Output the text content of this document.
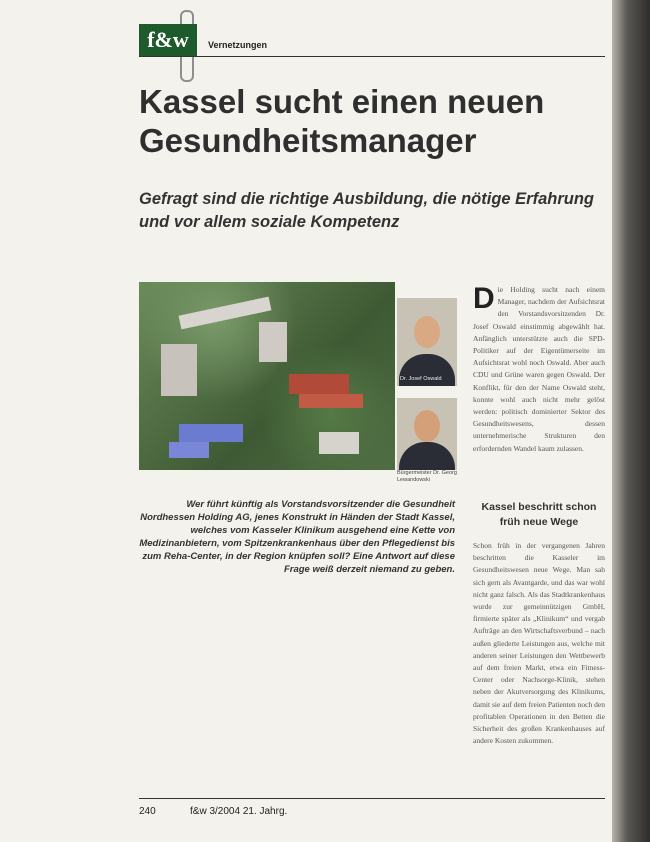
f&w	Vernetzungen
Kassel sucht einen neuen Gesundheitsmanager
Gefragt sind die richtige Ausbildung, die nötige Erfahrung und vor allem soziale Kompetenz
Dr. Josef Oswald
Bürgermeister Dr. Georg Lewandowski

Wer führt künftig als Vorstandsvorsitzender die Gesundheit Nordhessen Holding AG, jenes Konstrukt in Händen der Stadt Kassel, welches vom Kasseler Klinikum ausgehend eine Kette von Medizinanbietern, vom Spitzenkrankenhaus über den Pflegedienst bis zum Reha-Center, in der Region knüpfen soll? Eine Antwort auf diese Frage weiß derzeit niemand zu geben.

Die Holding sucht nach einem Manager, nachdem der Aufsichtsrat den Vorstandsvorsitzenden Dr. Josef Oswald einstimmig abgewählt hat. Anfänglich unterstützte auch die SPD-Politiker auf der Eigentümerseite im Aufsichtsrat wohl noch Oswald. Aber auch CDU und Grüne waren gegen Oswald. Der Konflikt, für den der Name Oswald steht, konnte wohl auch nicht mehr gelöst werden: politisch dominierter Sektor des Gesundheitswesens, dessen unternehmerische Strukturen den erfordernden Wandel kaum zulassen.

Kassel beschritt schon früh neue Wege

Schon früh in der vergangenen Jahren beschritten die Kasseler im Gesundheitswesen neue Wege. Man sah sich gern als Avantgarde, und das war wohl nicht ganz falsch. Als das Stadtkrankenhaus wurde zur gemeinnützigen GmbH, firmierte später als „Klinikum“ und vergab Aufträge an den Wirtschaftsverbund – nach außen gliederte Leistungen aus, welche mit anderen seiner Leistungen den Wettbewerb auf dem freien Markt, etwa ein Fitness-Center oder Nachsorge-Klinik, stehen neben der Akutversorgung des Klinikums, damit sie auf dem freien Patienten noch den profitablen Operationen in den Betten die Sicherheit des großen Krankenhauses auf andere Kosten zukommen.

240	f&w 3/2004 21. Jahrg.
